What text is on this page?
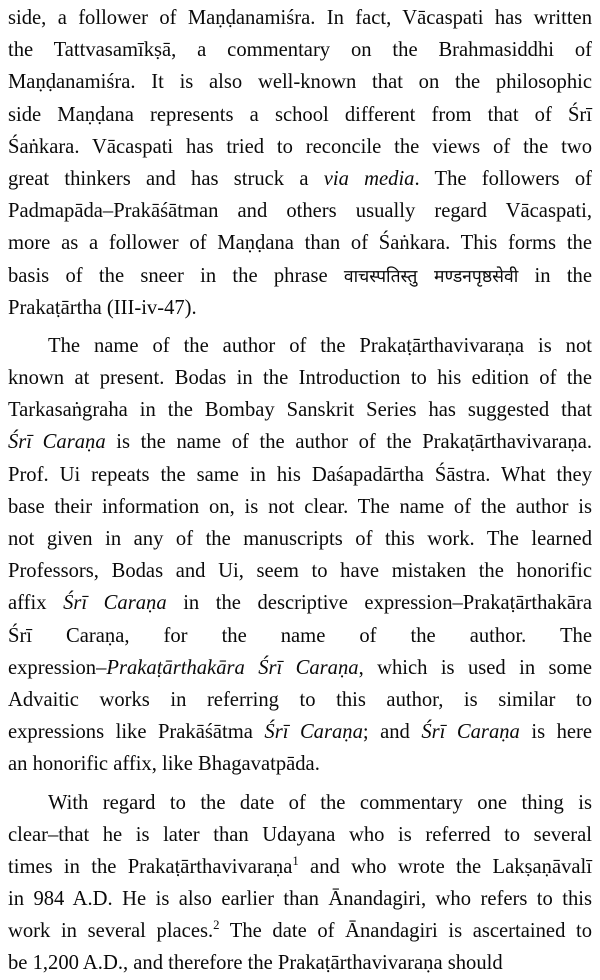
side, a follower of Maṇḍanamiśra. In fact, Vācaspati has written
the Tattvasamīkṣā, a commentary on the Brahmasiddhi of
Maṇḍanamiśra. It is also well-known that on the philosophic
side Maṇḍana represents a school different from that of Śrī
Śaṅkara. Vācaspati has tried to reconcile the views of the two
great thinkers and has struck a via media. The followers of
Padmapāda–Prakāśātman and others usually regard Vācaspati,
more as a follower of Maṇḍana than of Śaṅkara. This forms the
basis of the sneer in the phrase वाचस्पतिस्तु मण्डनपृष्ठसेवी in the
Prakaṭārtha (III-iv-47).

The name of the author of the Prakaṭārthavivaraṇa is not
known at present. Bodas in the Introduction to his edition of the
Tarkasaṅgraha in the Bombay Sanskrit Series has suggested that
Śrī Caraṇa is the name of the author of the Prakaṭārthavivaraṇa.
Prof. Ui repeats the same in his Daśapadārtha Śāstra. What they
base their information on, is not clear. The name of the author is
not given in any of the manuscripts of this work. The learned
Professors, Bodas and Ui, seem to have mistaken the honorific
affix Śrī Caraṇa in the descriptive expression–Prakaṭārthakāra
Śrī Caraṇa, for the name of the author. The
expression–Prakaṭārthakāra Śrī Caraṇa, which is used in some
Advaitic works in referring to this author, is similar to
expressions like Prakāśātma Śrī Caraṇa; and Śrī Caraṇa is here
an honorific affix, like Bhagavatpāda.

With regard to the date of the commentary one thing is
clear–that he is later than Udayana who is referred to several
times in the Prakaṭārthavivaraṇa$^1$ and who wrote the Lakṣaṇāvalī
in 984 A.D. He is also earlier than Ānandagiri, who refers to this
work in several places.$^2$ The date of Ānandagiri is ascertained to
be 1,200 A.D., and therefore the Prakaṭārthavivaraṇa should
